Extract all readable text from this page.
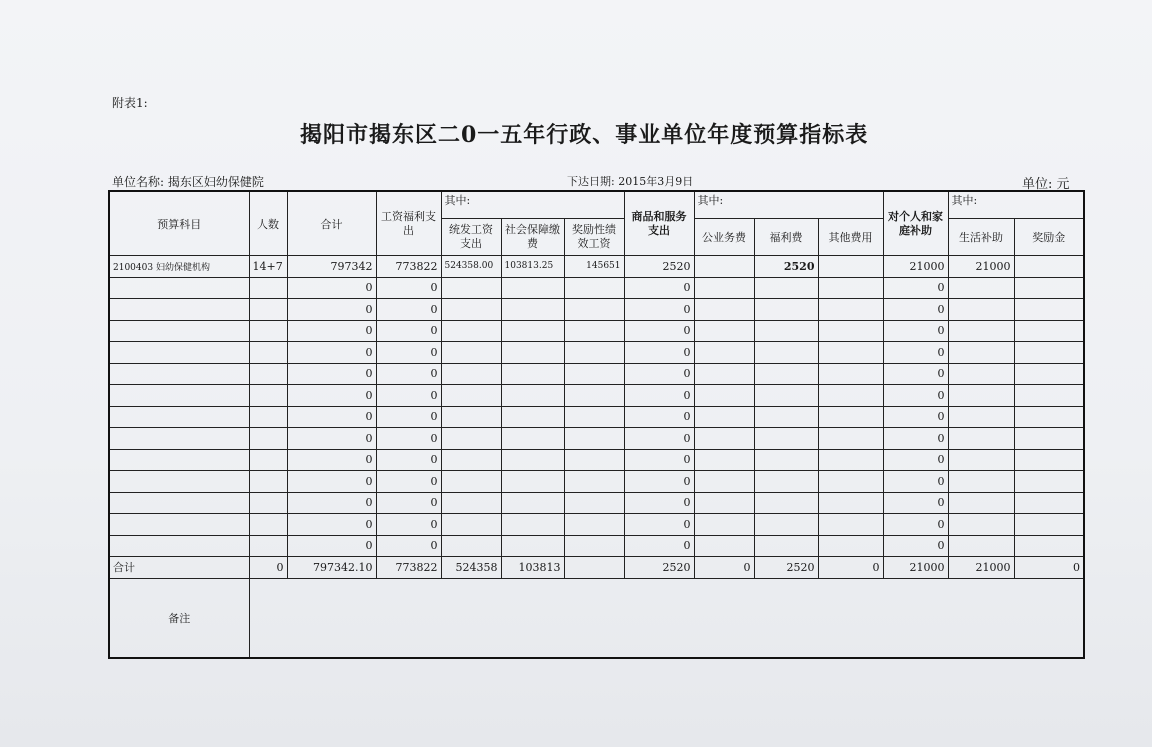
附表1:
揭阳市揭东区二0一五年行政、事业单位年度预算指标表
单位名称: 揭东区妇幼保健院	下达日期: 2015年3月9日	单位: 元
预算科目	人数	合计	工资福利支出	其中:			商品和服务支出	其中:			对个人和家庭补助	其中:	
				统发工资支出	社会保障缴费	奖励性绩效工资		公业务费	福利费	其他费用		生活补助	奖励金
2100403 妇幼保健机构	14+7	797342	773822	524358.00	103813.25	145651	2520		2520		21000	21000	
		0	0				0				0		
		0	0				0				0		
		0	0				0				0		
		0	0				0				0		
		0	0				0				0		
		0	0				0				0		
		0	0				0				0		
		0	0				0				0		
		0	0				0				0		
		0	0				0				0		
		0	0				0				0		
		0	0				0				0		
		0	0				0				0		
合计	0	797342.10	773822	524358	103813		2520	0	2520	0	21000	21000	0
备注													
